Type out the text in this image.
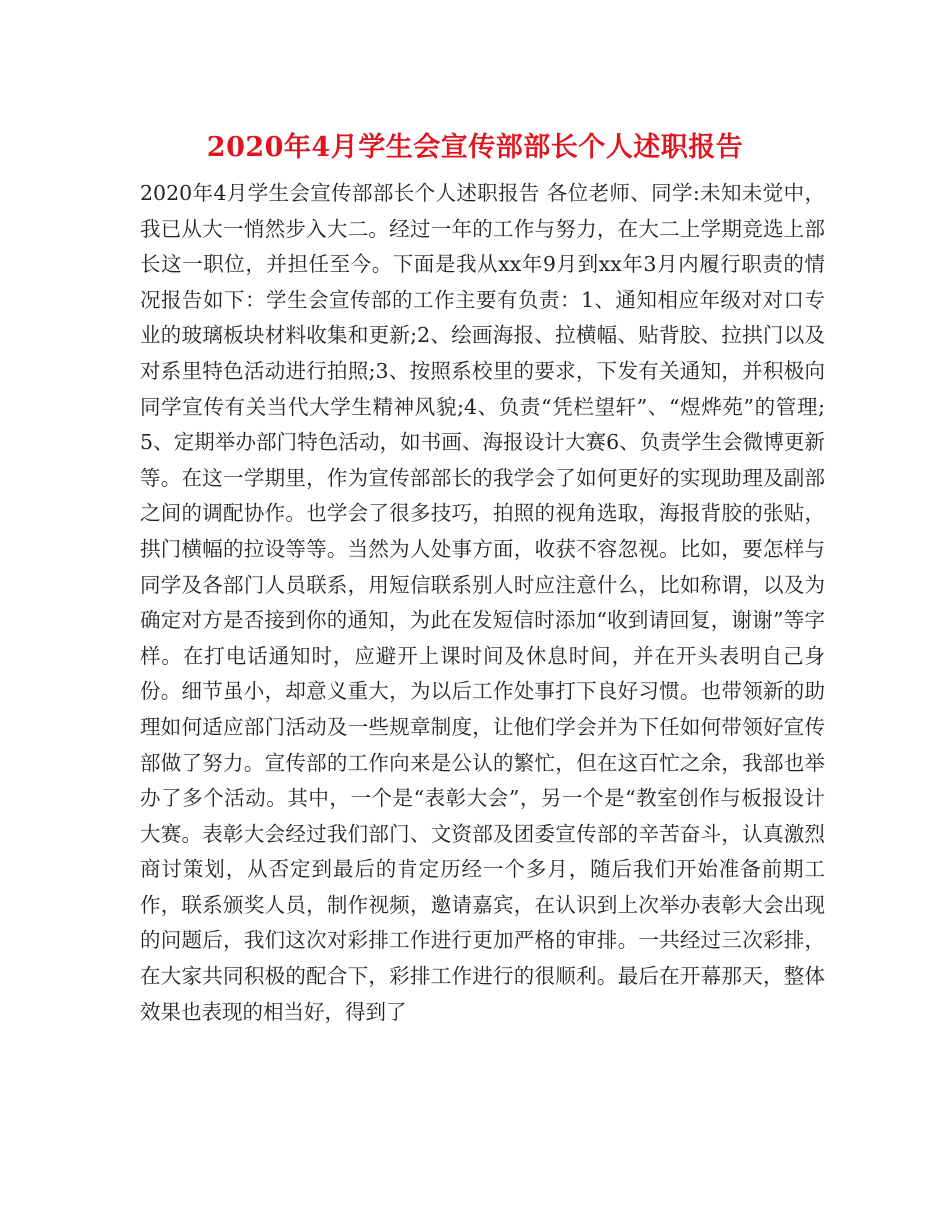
2020年4月学生会宣传部部长个人述职报告

2020年4月学生会宣传部部长个人述职报告 各位老师、同学:未知未觉中，我已从大一悄然步入大二。经过一年的工作与努力，在大二上学期竞选上部长这一职位，并担任至今。下面是我从xx年9月到xx年3月内履行职责的情况报告如下：学生会宣传部的工作主要有负责：1、通知相应年级对对口专业的玻璃板块材料收集和更新;2、绘画海报、拉横幅、贴背胶、拉拱门以及对系里特色活动进行拍照;3、按照系校里的要求，下发有关通知，并积极向同学宣传有关当代大学生精神风貌;4、负责“凭栏望轩”、“煜烨苑”的管理;5、定期举办部门特色活动，如书画、海报设计大赛6、负责学生会微博更新等。在这一学期里，作为宣传部部长的我学会了如何更好的实现助理及副部之间的调配协作。也学会了很多技巧，拍照的视角选取，海报背胶的张贴，拱门横幅的拉设等等。当然为人处事方面，收获不容忽视。比如，要怎样与同学及各部门人员联系，用短信联系别人时应注意什么，比如称谓，以及为确定对方是否接到你的通知，为此在发短信时添加“收到请回复，谢谢”等字样。在打电话通知时，应避开上课时间及休息时间，并在开头表明自己身份。细节虽小，却意义重大，为以后工作处事打下良好习惯。也带领新的助理如何适应部门活动及一些规章制度，让他们学会并为下任如何带领好宣传部做了努力。宣传部的工作向来是公认的繁忙，但在这百忙之余，我部也举办了多个活动。其中，一个是“表彰大会”，另一个是“教室创作与板报设计大赛。表彰大会经过我们部门、文资部及团委宣传部的辛苦奋斗，认真激烈商讨策划，从否定到最后的肯定历经一个多月，随后我们开始准备前期工作，联系颁奖人员，制作视频，邀请嘉宾，在认识到上次举办表彰大会出现的问题后，我们这次对彩排工作进行更加严格的审排。一共经过三次彩排，在大家共同积极的配合下，彩排工作进行的很顺利。最后在开幕那天，整体效果也表现的相当好，得到了
